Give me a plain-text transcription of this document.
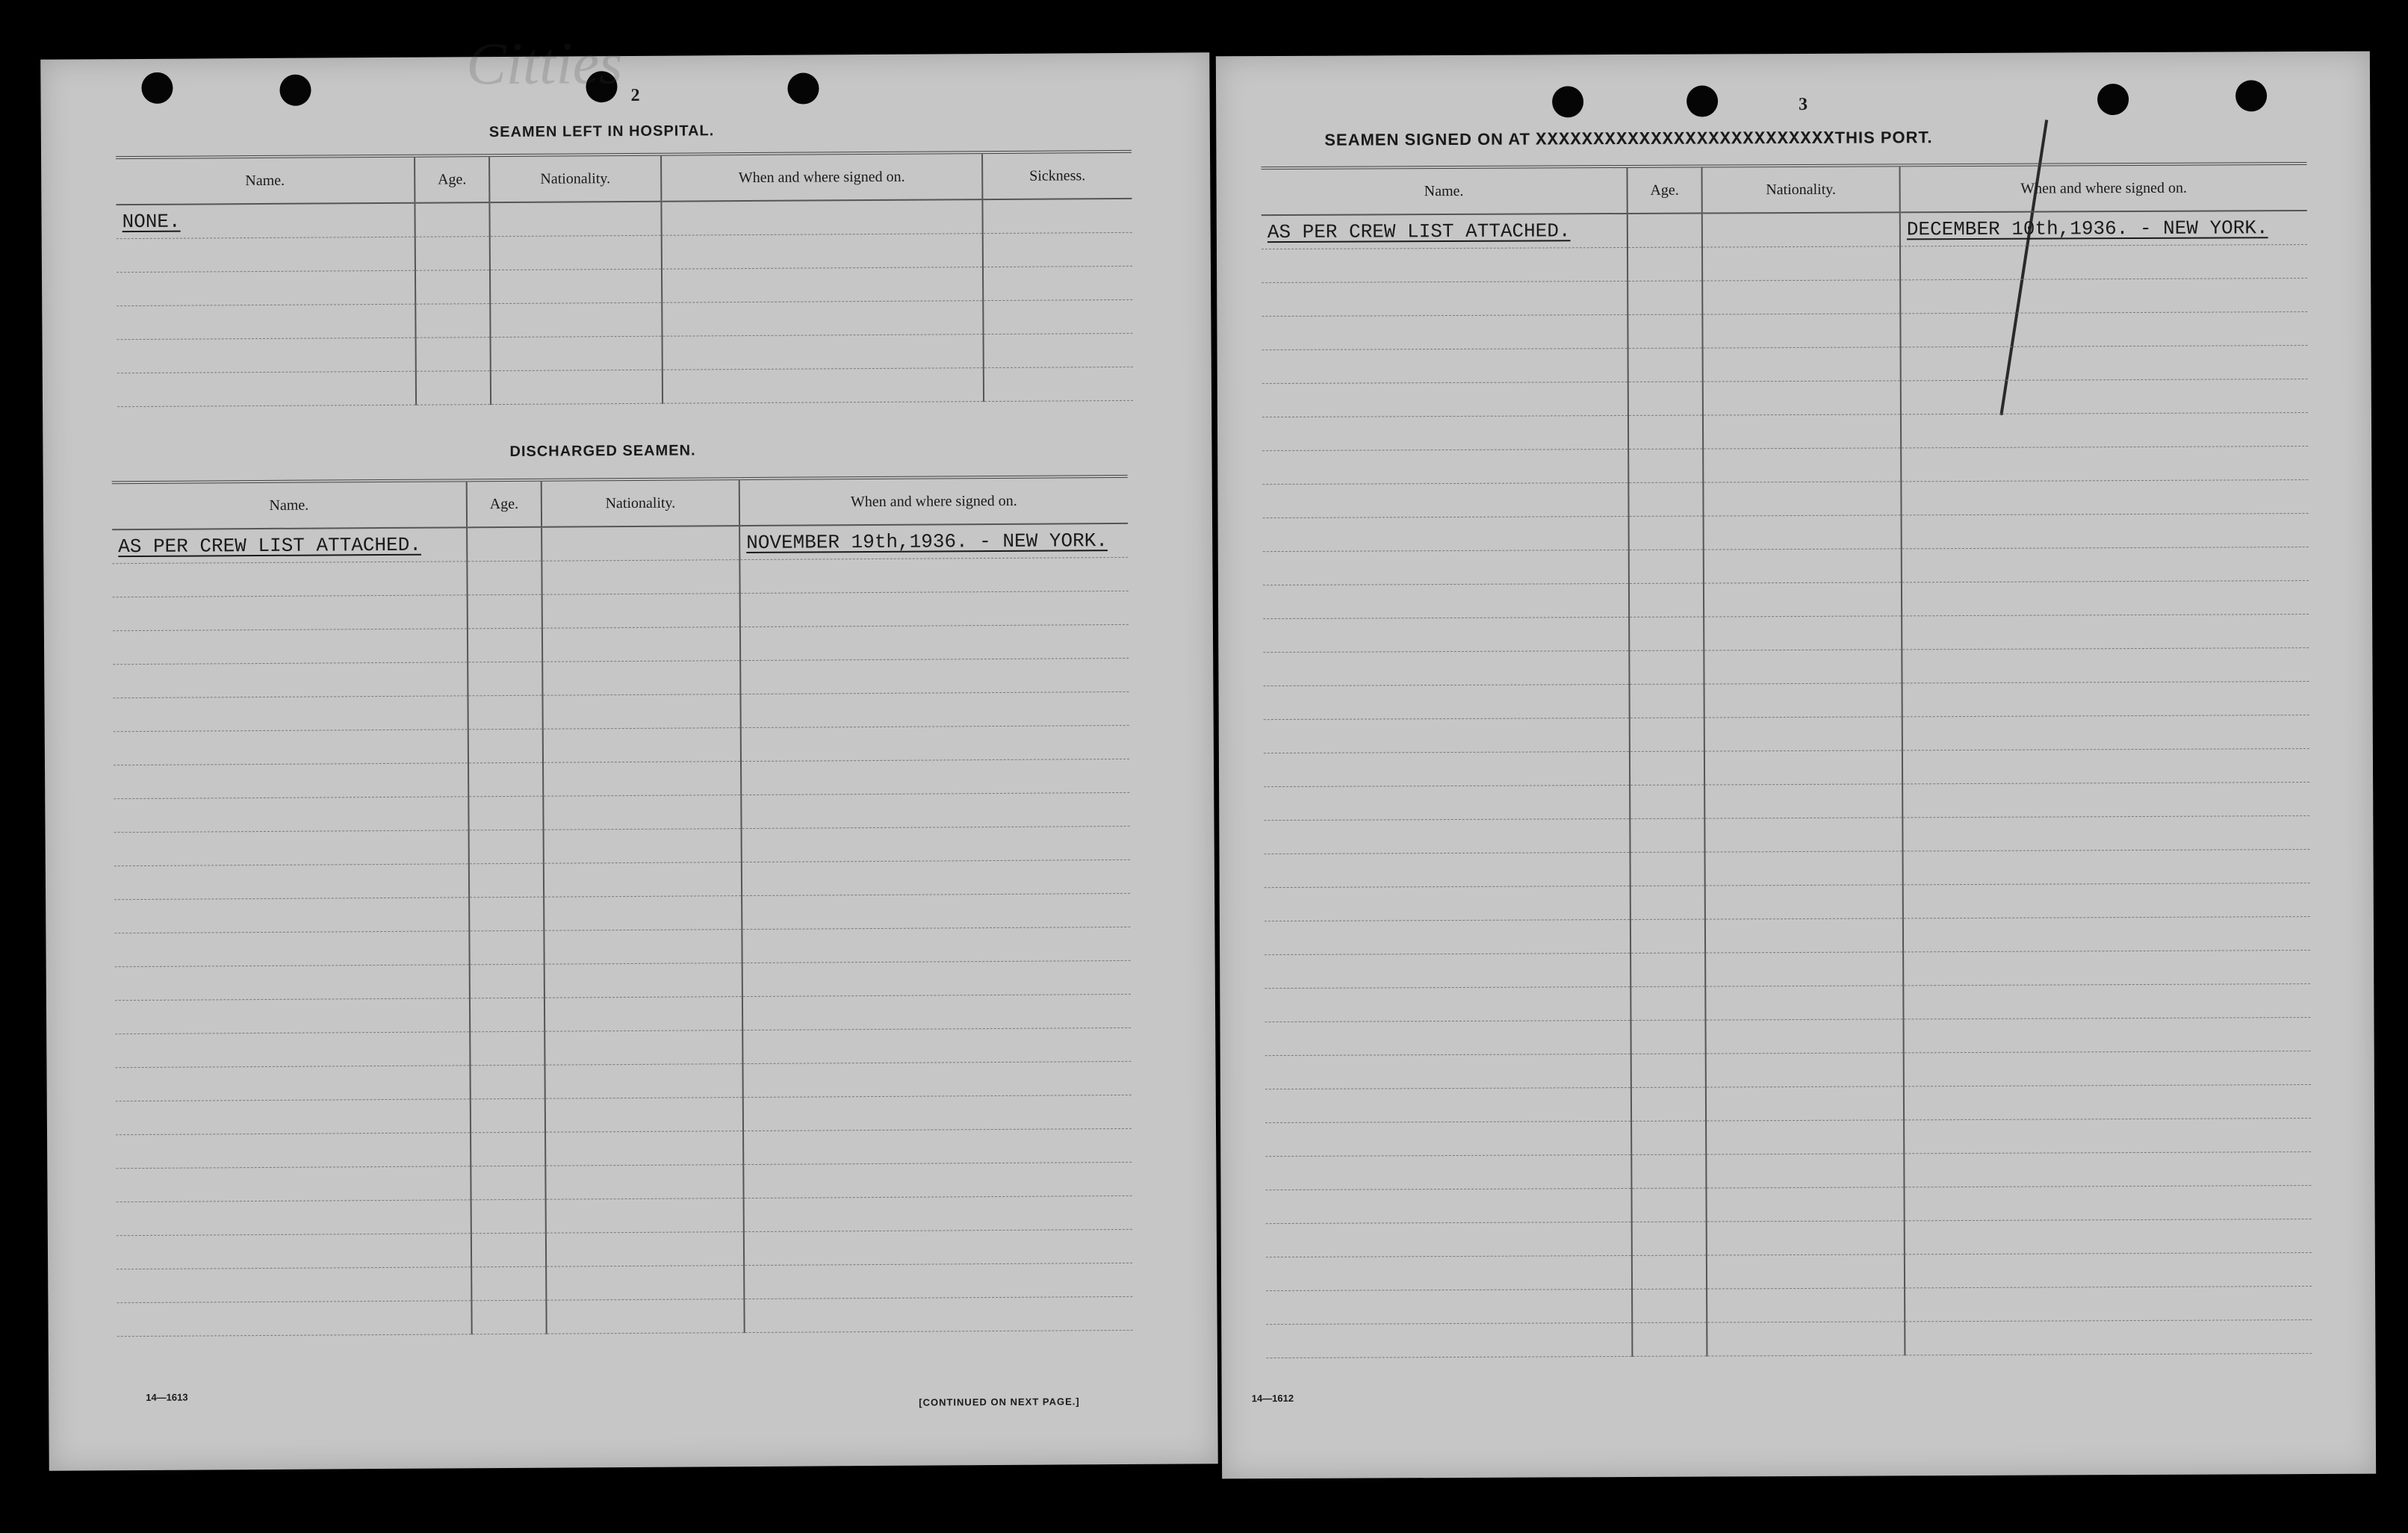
Citties 2
SEAMEN LEFT IN HOSPITAL.
Name.	Age.	Nationality.	When and where signed on.	Sickness.
NONE.				

DISCHARGED SEAMEN.
Name.	Age.	Nationality.	When and where signed on.
AS PER CREW LIST ATTACHED.			NOVEMBER 19th,1936. - NEW YORK.

14—1613	[CONTINUED ON NEXT PAGE.]
3
SEAMEN SIGNED ON AT XXXXXXXXXXXXXXXXXXXXXXXXXXTHIS PORT.
Name.	Age.	Nationality.	When and where signed on.
AS PER CREW LIST ATTACHED.			DECEMBER 10th,1936. - NEW YORK.

14—1612
